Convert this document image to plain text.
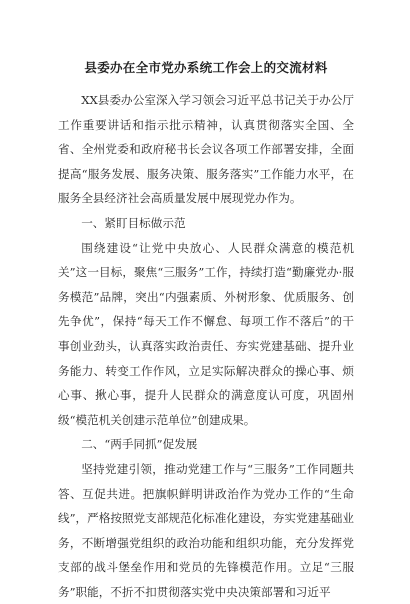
县委办在全市党办系统工作会上的交流材料

XX县委办公室深入学习领会习近平总书记关于办公厅工作重要讲话和指示批示精神，认真贯彻落实全国、全省、全州党委和政府秘书长会议各项工作部署安排，全面提高“服务发展、服务决策、服务落实”工作能力水平，在服务全县经济社会高质量发展中展现党办作为。

一、紧盯目标做示范

围绕建设“让党中央放心、人民群众满意的模范机关”这一目标，聚焦“三服务”工作，持续打造“勤廉党办·服务模范”品牌，突出“内强素质、外树形象、优质服务、创先争优”，保持“每天工作不懈怠、每项工作不落后”的干事创业劲头，认真落实政治责任、夯实党建基础、提升业务能力、转变工作作风，立足实际解决群众的操心事、烦心事、揪心事，提升人民群众的满意度认可度，巩固州级“模范机关创建示范单位”创建成果。

二、“两手同抓”促发展

坚持党建引领，推动党建工作与“三服务”工作同题共答、互促共进。把旗帜鲜明讲政治作为党办工作的“生命线”，严格按照党支部规范化标准化建设，夯实党建基础业务，不断增强党组织的政治功能和组织功能，充分发挥党支部的战斗堡垒作用和党员的先锋模范作用。立足“三服务”职能，不折不扣贯彻落实党中央决策部署和习近平
